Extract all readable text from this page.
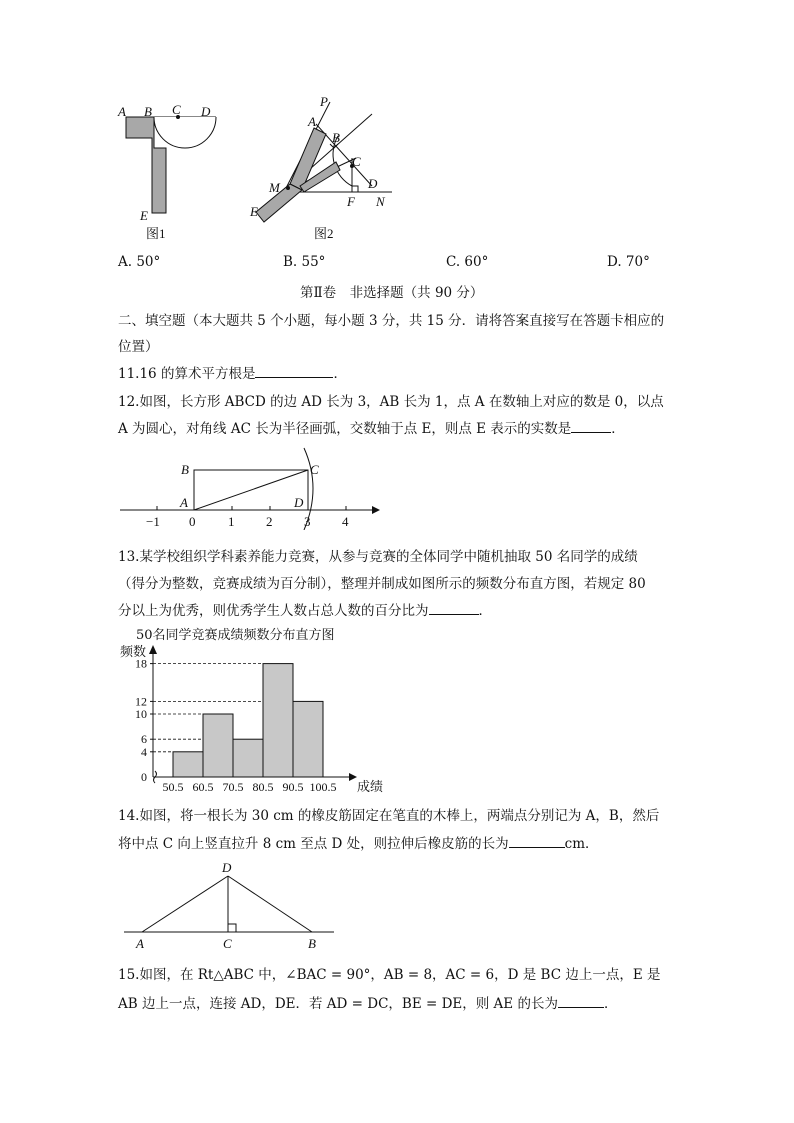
A B C D
E
图1
P
A
B
C
M	D
F N
E
图2
A. 50°	B. 55°	C. 60°	D. 70°
第Ⅱ卷　非选择题（共 90 分）
二、填空题（本大题共 5 个小题，每小题 3 分，共 15 分．请将答案直接写在答题卡相应的
位置）
11.16 的算术平方根是	．
12.如图，长方形 ABCD 的边 AD 长为 3，AB 长为 1，点 A 在数轴上对应的数是 0，以点
A 为圆心，对角线 AC 长为半径画弧，交数轴于点 E，则点 E 表示的实数是	．
B	C
A	D
−1 0	1 2 3 4
13.某学校组织学科素养能力竞赛，从参与竞赛的全体同学中随机抽取 50 名同学的成绩
（得分为整数，竞赛成绩为百分制），整理并制成如图所示的频数分布直方图，若规定 80
分以上为优秀，则优秀学生人数占总人数的百分比为	．
50名同学竞赛成绩频数分布直方图
0
4
6
10
12
18
50.5 60.5 70.5 80.5 90.5 100.5
频数
成绩
14.如图，将一根长为 30 cm 的橡皮筋固定在笔直的木棒上，两端点分别记为 A，B，然后
将中点 C 向上竖直拉升 8 cm 至点 D 处，则拉伸后橡皮筋的长为	cm．
D
A	C	B
15.如图，在 Rt△ABC 中，∠BAC = 90°，AB = 8，AC = 6，D 是 BC 边上一点，E 是
AB 边上一点，连接 AD，DE．若 AD = DC，BE = DE，则 AE 的长为	．
